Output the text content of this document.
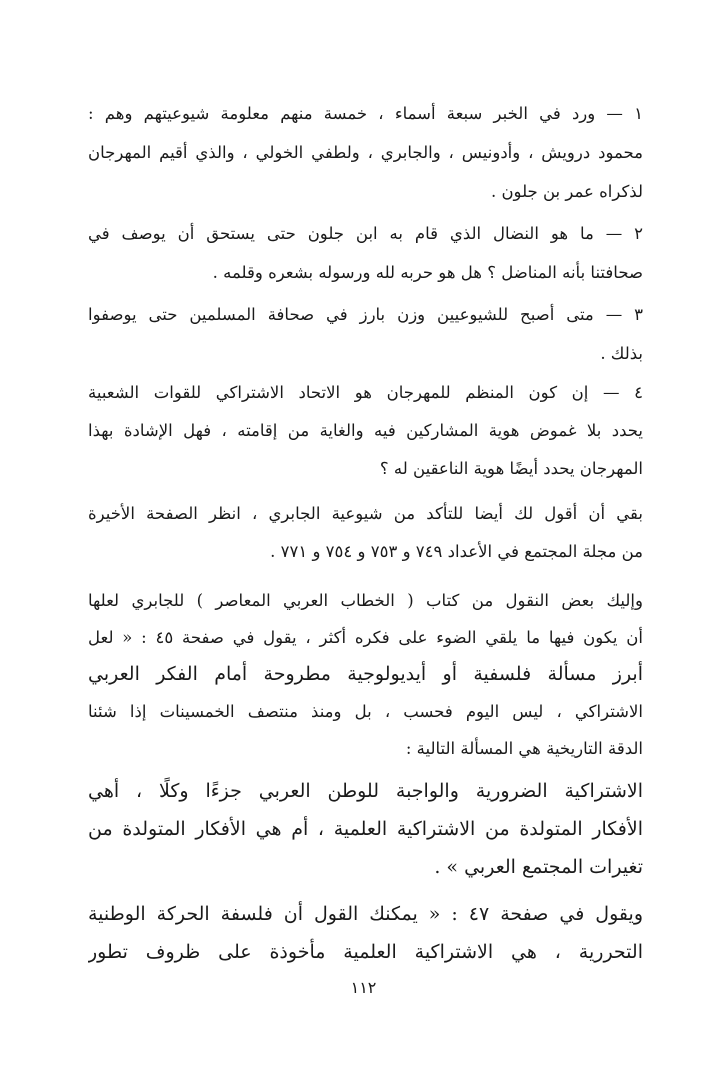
١ — ورد في الخبر سبعة أسماء ، خمسة منهم معلومة شيوعيتهم وهم :
محمود درويش ، وأدونيس ، والجابري ، ولطفي الخولي ، والذي أقيم المهرجان
لذكراه عمر بن جلون .
٢ — ما هو النضال الذي قام به ابن جلون حتى يستحق أن يوصف في
صحافتنا بأنه المناضل ؟ هل هو حربه لله ورسوله بشعره وقلمه .
٣ — متى أصبح للشيوعيين وزن بارز في صحافة المسلمين حتى يوصفوا
بذلك .
٤ — إن كون المنظم للمهرجان هو الاتحاد الاشتراكي للقوات الشعبية
يحدد بلا غموض هوية المشاركين فيه والغاية من إقامته ، فهل الإشادة بهذا
المهرجان يحدد أيضًا هوية الناعقين له ؟
بقي أن أقول لك أيضا للتأكد من شيوعية الجابري ، انظر الصفحة الأخيرة
من مجلة المجتمع في الأعداد ٧٤٩ و ٧٥٣ و ٧٥٤ و ٧٧١ .
وإليك بعض النقول من كتاب ( الخطاب العربي المعاصر ) للجابري لعلها
أن يكون فيها ما يلقي الضوء على فكره أكثر ، يقول في صفحة ٤٥ : « لعل
أبرز مسألة فلسفية أو أيديولوجية مطروحة أمام الفكر العربي
الاشتراكي ، ليس اليوم فحسب ، بل ومنذ منتصف الخمسينات إذا شئنا
الدقة التاريخية هي المسألة التالية :
الاشتراكية الضرورية والواجبة للوطن العربي جزءًا وكلًا ، أهي
الأفكار المتولدة من الاشتراكية العلمية ، أم هي الأفكار المتولدة من
تغيرات المجتمع العربي » .
ويقول في صفحة ٤٧ : « يمكنك القول أن فلسفة الحركة الوطنية
التحررية ، هي الاشتراكية العلمية مأخوذة على ظروف تطور
١١٢
